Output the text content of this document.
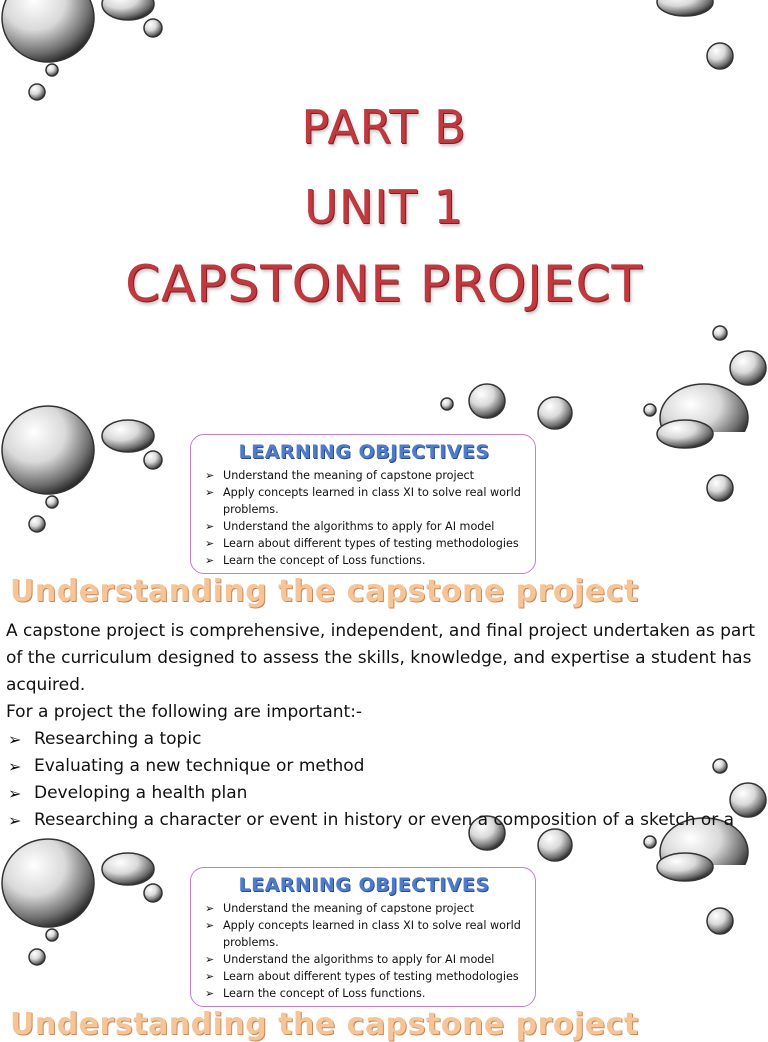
PART B
UNIT 1
CAPSTONE PROJECT
LEARNING OBJECTIVES
➢ Understand the meaning of capstone project
➢ Apply concepts learned in class XI to solve real world problems.
➢ Understand the algorithms to apply for AI model
➢ Learn about different types of testing methodologies
➢ Learn the concept of Loss functions.
Understanding the capstone project

A capstone project is comprehensive, independent, and final project undertaken as part of the curriculum designed to assess the skills, knowledge, and expertise a student has acquired.

For a project the following are important:-

➢ Researching a topic
➢ Evaluating a new technique or method
➢ Developing a health plan
➢ Researching a character or event in history or even a composition of a sketch or a
LEARNING OBJECTIVES
➢ Understand the meaning of capstone project
➢ Apply concepts learned in class XI to solve real world problems.
➢ Understand the algorithms to apply for AI model
➢ Learn about different types of testing methodologies
➢ Learn the concept of Loss functions.
Understanding the capstone project
